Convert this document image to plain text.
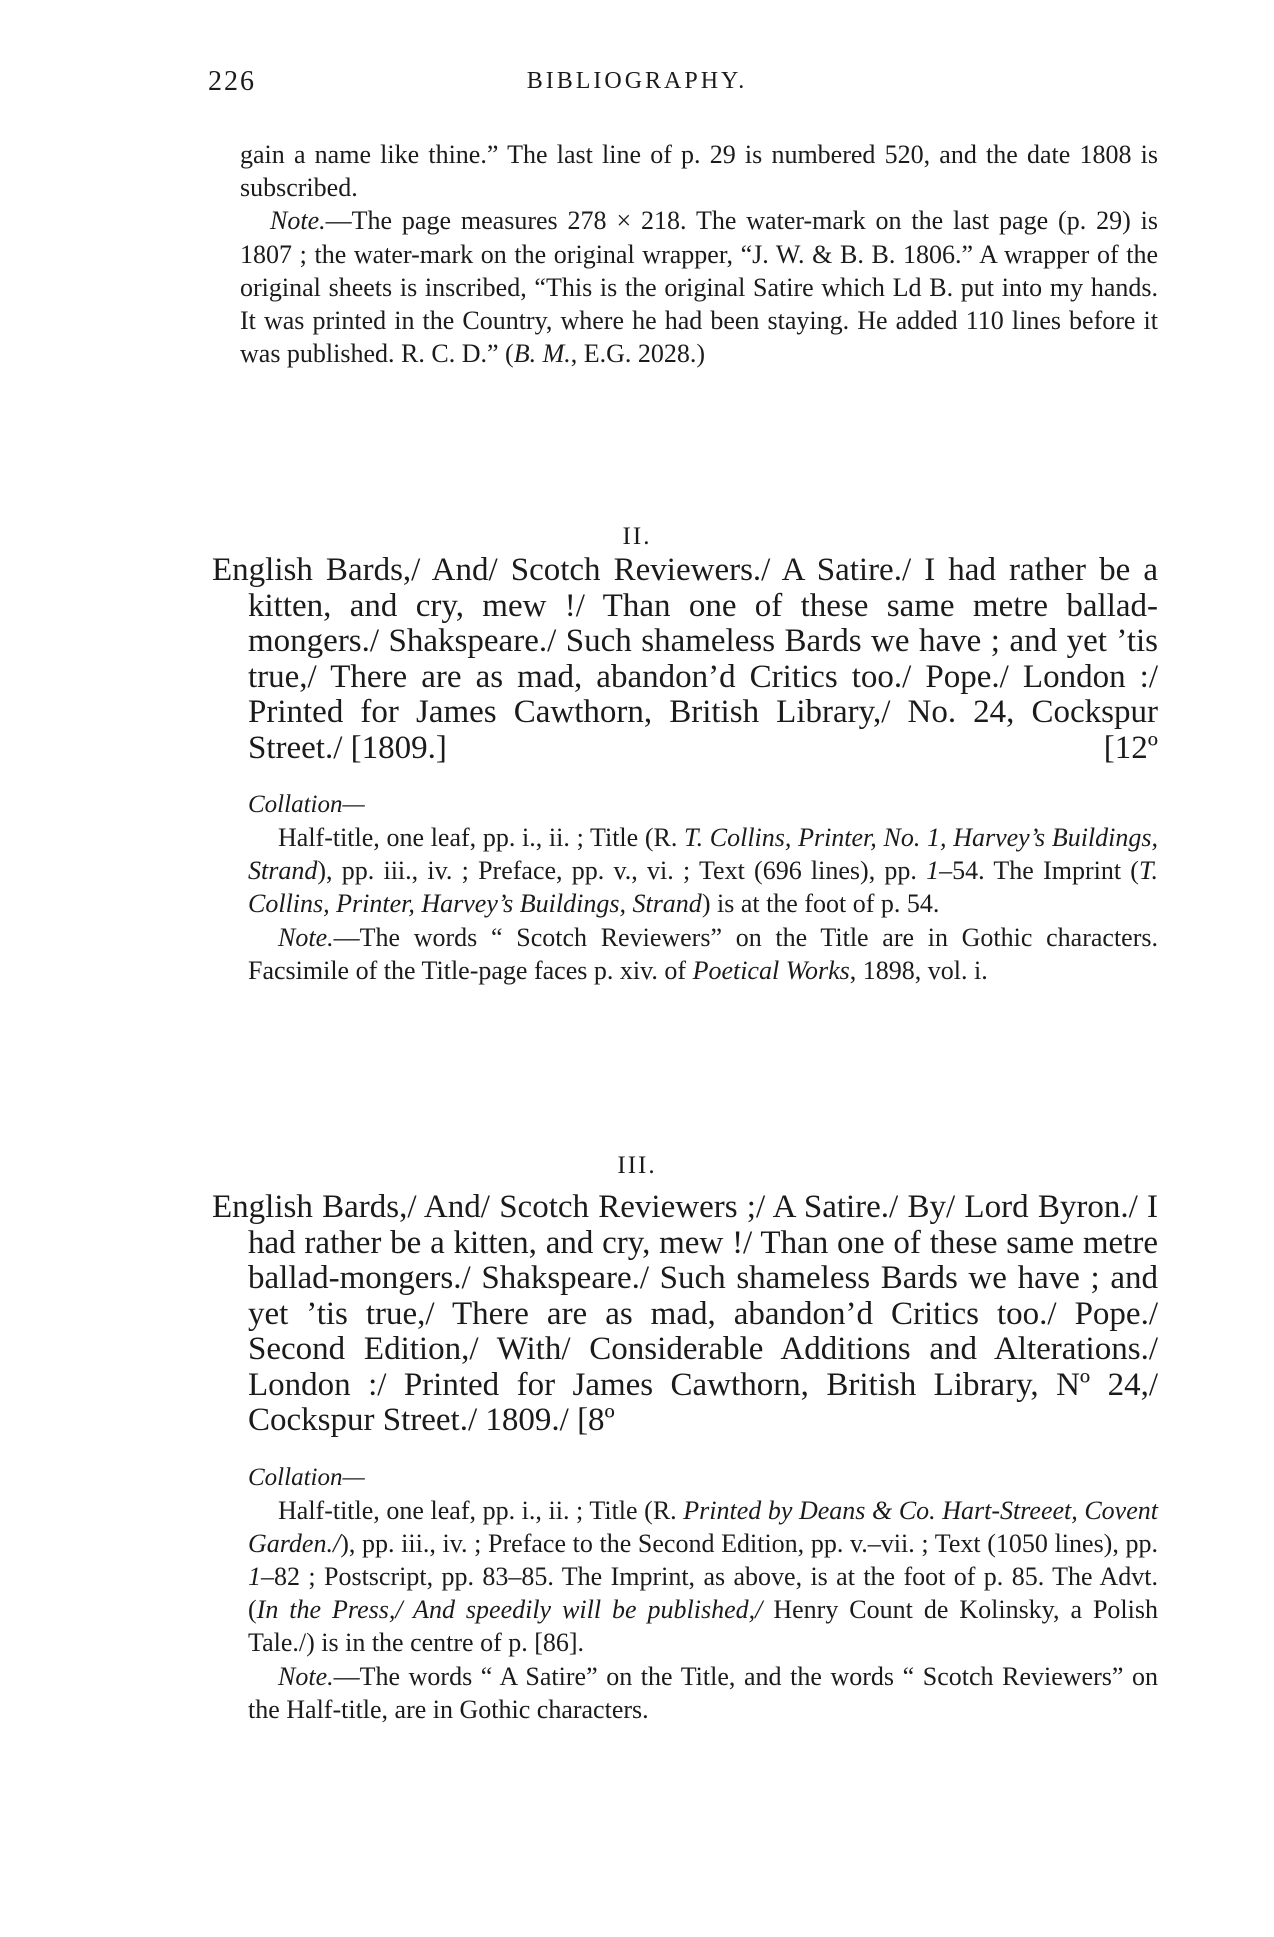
226	BIBLIOGRAPHY.

gain a name like thine.” The last line of p. 29 is numbered 520, and the date 1808 is subscribed.

Note.—The page measures 278 × 218. The water-mark on the last page (p. 29) is 1807 ; the water-mark on the original wrapper, “J. W. & B. B. 1806.” A wrapper of the original sheets is inscribed, “This is the original Satire which Ld B. put into my hands. It was printed in the Country, where he had been staying. He added 110 lines before it was published. R. C. D.” (B. M., E.G. 2028.)

II.

English Bards,/ And/ Scotch Reviewers./ A Satire./ I had rather be a kitten, and cry, mew !/ Than one of these same metre ballad-mongers./ Shakspeare./ Such shameless Bards we have ; and yet ’tis true,/ There are as mad, abandon’d Critics too./ Pope./ London :/ Printed for James Cawthorn, British Library,/ No. 24, Cockspur Street./ [1809.]	[12º

Collation—

Half-title, one leaf, pp. i., ii. ; Title (R. T. Collins, Printer, No. 1, Harvey’s Buildings, Strand), pp. iii., iv. ; Preface, pp. v., vi. ; Text (696 lines), pp. 1–54. The Imprint (T. Collins, Printer, Harvey’s Buildings, Strand) is at the foot of p. 54.

Note.—The words “ Scotch Reviewers” on the Title are in Gothic characters. Facsimile of the Title-page faces p. xiv. of Poetical Works, 1898, vol. i.

III.

English Bards,/ And/ Scotch Reviewers ;/ A Satire./ By/ Lord Byron./ I had rather be a kitten, and cry, mew !/ Than one of these same metre ballad-mongers./ Shakspeare./ Such shameless Bards we have ; and yet ’tis true,/ There are as mad, abandon’d Critics too./ Pope./ Second Edition,/ With/ Considerable Additions and Alterations./ London :/ Printed for James Cawthorn, British Library, Nº 24,/ Cockspur Street./ 1809./ [8º

Collation—

Half-title, one leaf, pp. i., ii. ; Title (R. Printed by Deans & Co. Hart-Streeet, Covent Garden./), pp. iii., iv. ; Preface to the Second Edition, pp. v.–vii. ; Text (1050 lines), pp. 1–82 ; Postscript, pp. 83–85. The Imprint, as above, is at the foot of p. 85. The Advt. (In the Press,/ And speedily will be published,/ Henry Count de Kolinsky, a Polish Tale./) is in the centre of p. [86].

Note.—The words “ A Satire” on the Title, and the words “ Scotch Reviewers” on the Half-title, are in Gothic characters.
